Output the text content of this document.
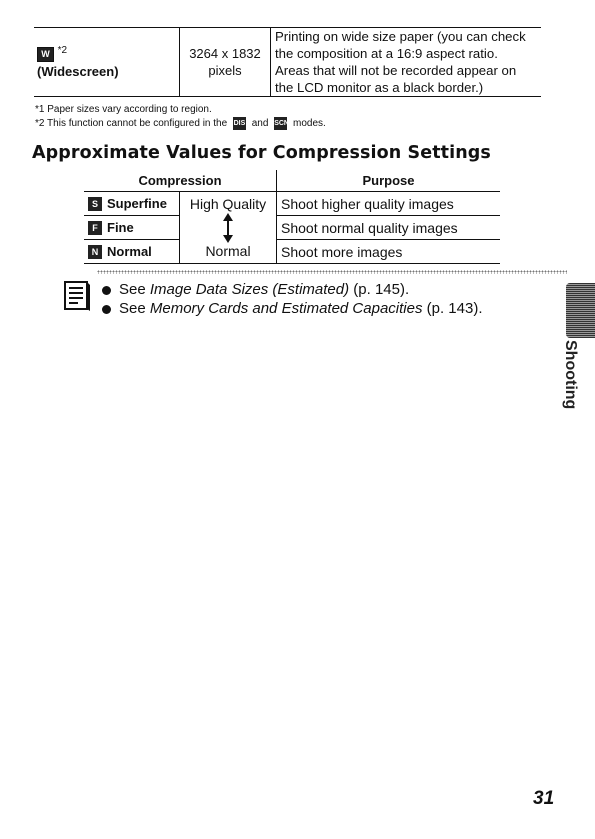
W $^{*2}$
(Widescreen)

3264 x 1832
pixels
	Printing on wide size paper (you can check
the composition at a 16:9 aspect ratio.
Areas that will not be recorded appear on
the LCD monitor as a black border.)
*1 Paper sizes vary according to region.
*2 This function cannot be configured in the DIS and SCN modes.
Approximate Values for Compression Settings
Compression		Purpose
S Superfine	High Quality	Shoot higher quality images
F Fine		Shoot normal quality images
N Normal	Normal	Shoot more images
See Image Data Sizes (Estimated) (p. 145).
See Memory Cards and Estimated Capacities (p. 143).
Shooting
31
